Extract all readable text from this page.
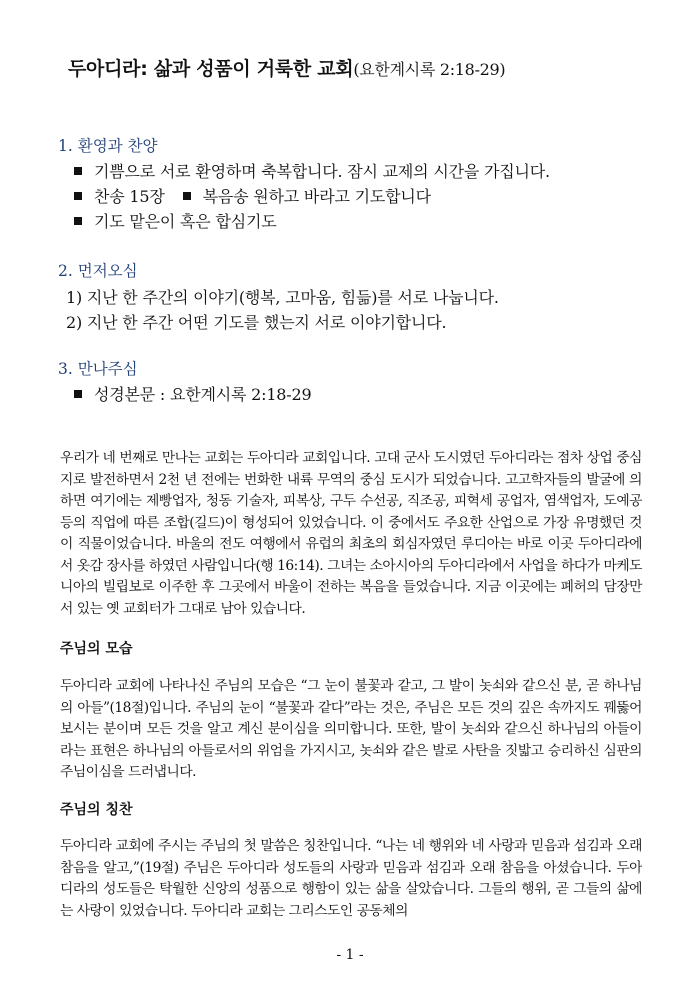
두아디라: 삶과 성품이 거룩한 교회(요한계시록 2:18-29)
1. 환영과 찬양
기쁨으로 서로 환영하며 축복합니다. 잠시 교제의 시간을 가집니다.
찬송 15장 복음송 원하고 바라고 기도합니다
기도 맡은이 혹은 합심기도
2. 먼저오심
1) 지난 한 주간의 이야기(행복, 고마움, 힘듦)를 서로 나눕니다.
2) 지난 한 주간 어떤 기도를 했는지 서로 이야기합니다.
3. 만나주심
성경본문 : 요한계시록 2:18-29

우리가 네 번째로 만나는 교회는 두아디라 교회입니다. 고대 군사 도시였던 두아디라는 점차 상업 중심지로 발전하면서 2천 년 전에는 번화한 내륙 무역의 중심 도시가 되었습니다. 고고학자들의 발굴에 의하면 여기에는 제빵업자, 청동 기술자, 피복상, 구두 수선공, 직조공, 피혁세 공업자, 염색업자, 도예공 등의 직업에 따른 조합(길드)이 형성되어 있었습니다. 이 중에서도 주요한 산업으로 가장 유명했던 것이 직물이었습니다. 바울의 전도 여행에서 유럽의 최초의 회심자였던 루디아는 바로 이곳 두아디라에서 옷감 장사를 하였던 사람입니다(행 16:14). 그녀는 소아시아의 두아디라에서 사업을 하다가 마케도니아의 빌립보로 이주한 후 그곳에서 바울이 전하는 복음을 들었습니다. 지금 이곳에는 폐허의 담장만 서 있는 옛 교회터가 그대로 남아 있습니다.

주님의 모습

두아디라 교회에 나타나신 주님의 모습은 “그 눈이 불꽃과 같고, 그 발이 놋쇠와 같으신 분, 곧 하나님의 아들”(18절)입니다. 주님의 눈이 “불꽃과 같다”라는 것은, 주님은 모든 것의 깊은 속까지도 꿰뚫어 보시는 분이며 모든 것을 알고 계신 분이심을 의미합니다. 또한, 발이 놋쇠와 같으신 하나님의 아들이라는 표현은 하나님의 아들로서의 위엄을 가지시고, 놋쇠와 같은 발로 사탄을 짓밟고 승리하신 심판의 주님이심을 드러냅니다.

주님의 칭찬

두아디라 교회에 주시는 주님의 첫 말씀은 칭찬입니다. “나는 네 행위와 네 사랑과 믿음과 섬김과 오래 참음을 알고,”(19절) 주님은 두아디라 성도들의 사랑과 믿음과 섬김과 오래 참음을 아셨습니다. 두아디라의 성도들은 탁월한 신앙의 성품으로 행함이 있는 삶을 살았습니다. 그들의 행위, 곧 그들의 삶에는 사랑이 있었습니다. 두아디라 교회는 그리스도인 공동체의

- 1 -
